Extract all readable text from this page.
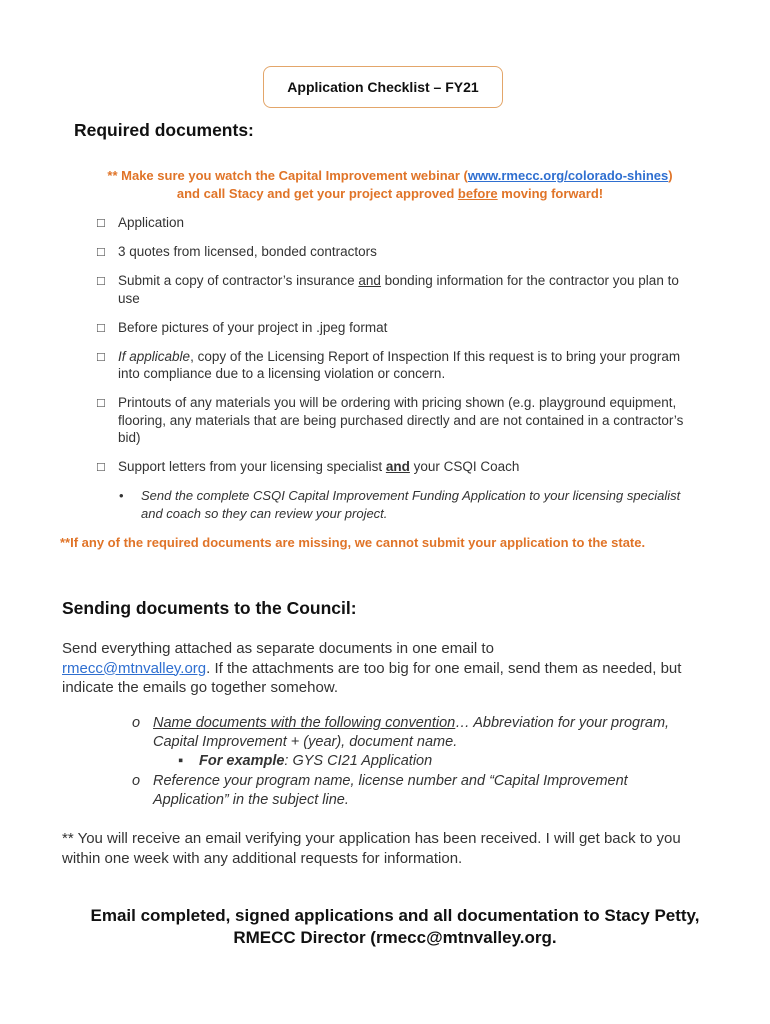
Application Checklist – FY21
Required documents:
** Make sure you watch the Capital Improvement webinar (www.rmecc.org/colorado-shines)
and call Stacy and get your project approved before moving forward!
☐ Application
☐ 3 quotes from licensed, bonded contractors
☐ Submit a copy of contractor’s insurance and bonding information for the contractor you plan to use
☐ Before pictures of your project in .jpeg format
☐ If applicable, copy of the Licensing Report of Inspection If this request is to bring your program into compliance due to a licensing violation or concern.
☐ Printouts of any materials you will be ordering with pricing shown (e.g. playground equipment, flooring, any materials that are being purchased directly and are not contained in a contractor’s bid)
☐ Support letters from your licensing specialist and your CSQI Coach
• Send the complete CSQI Capital Improvement Funding Application to your licensing specialist and coach so they can review your project.
**If any of the required documents are missing, we cannot submit your application to the state.
Sending documents to the Council:
Send everything attached as separate documents in one email to
rmecc@mtnvalley.org. If the attachments are too big for one email, send them as needed, but indicate the emails go together somehow.
o Name documents with the following convention… Abbreviation for your program, Capital Improvement + (year), document name.
▪ For example: GYS CI21 Application
o Reference your program name, license number and “Capital Improvement Application” in the subject line.
** You will receive an email verifying your application has been received. I will get back to you within one week with any additional requests for information.
Email completed, signed applications and all documentation to Stacy Petty, RMECC Director (rmecc@mtnvalley.org.
